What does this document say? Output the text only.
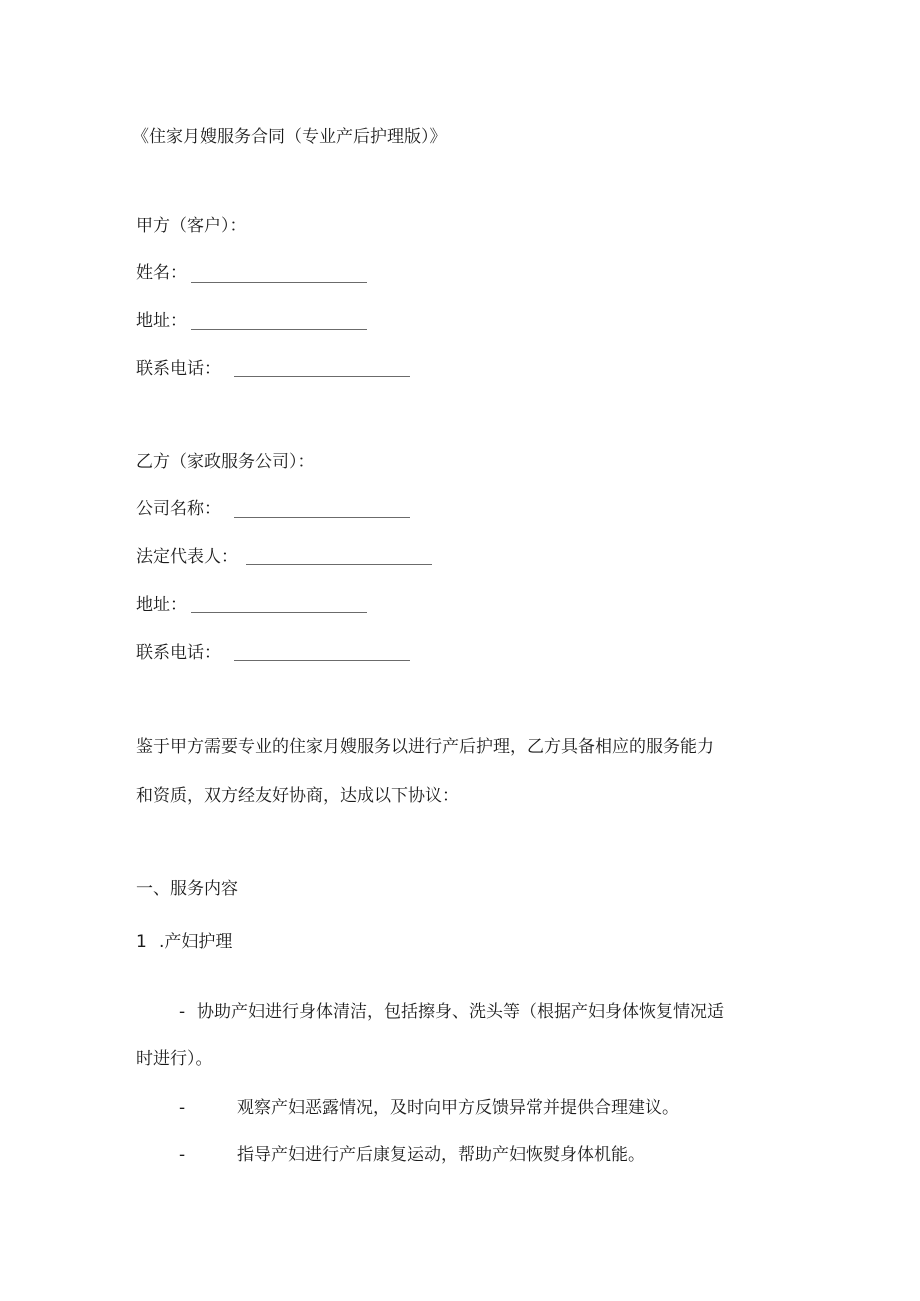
《住家月嫂服务合同（专业产后护理版）》
甲方（客户）：
姓名：
地址：
联系电话：
乙方（家政服务公司）：
公司名称：
法定代表人：
地址：
联系电话：
鉴于甲方需要专业的住家月嫂服务以进行产后护理，乙方具备相应的服务能力
和资质，双方经友好协商，达成以下协议：
一、服务内容
1 .产妇护理
- 协助产妇进行身体清洁，包括擦身、洗头等（根据产妇身体恢复情况适
时进行）。
-	观察产妇恶露情况，及时向甲方反馈异常并提供合理建议。
-	指导产妇进行产后康复运动，帮助产妇恢熨身体机能。
